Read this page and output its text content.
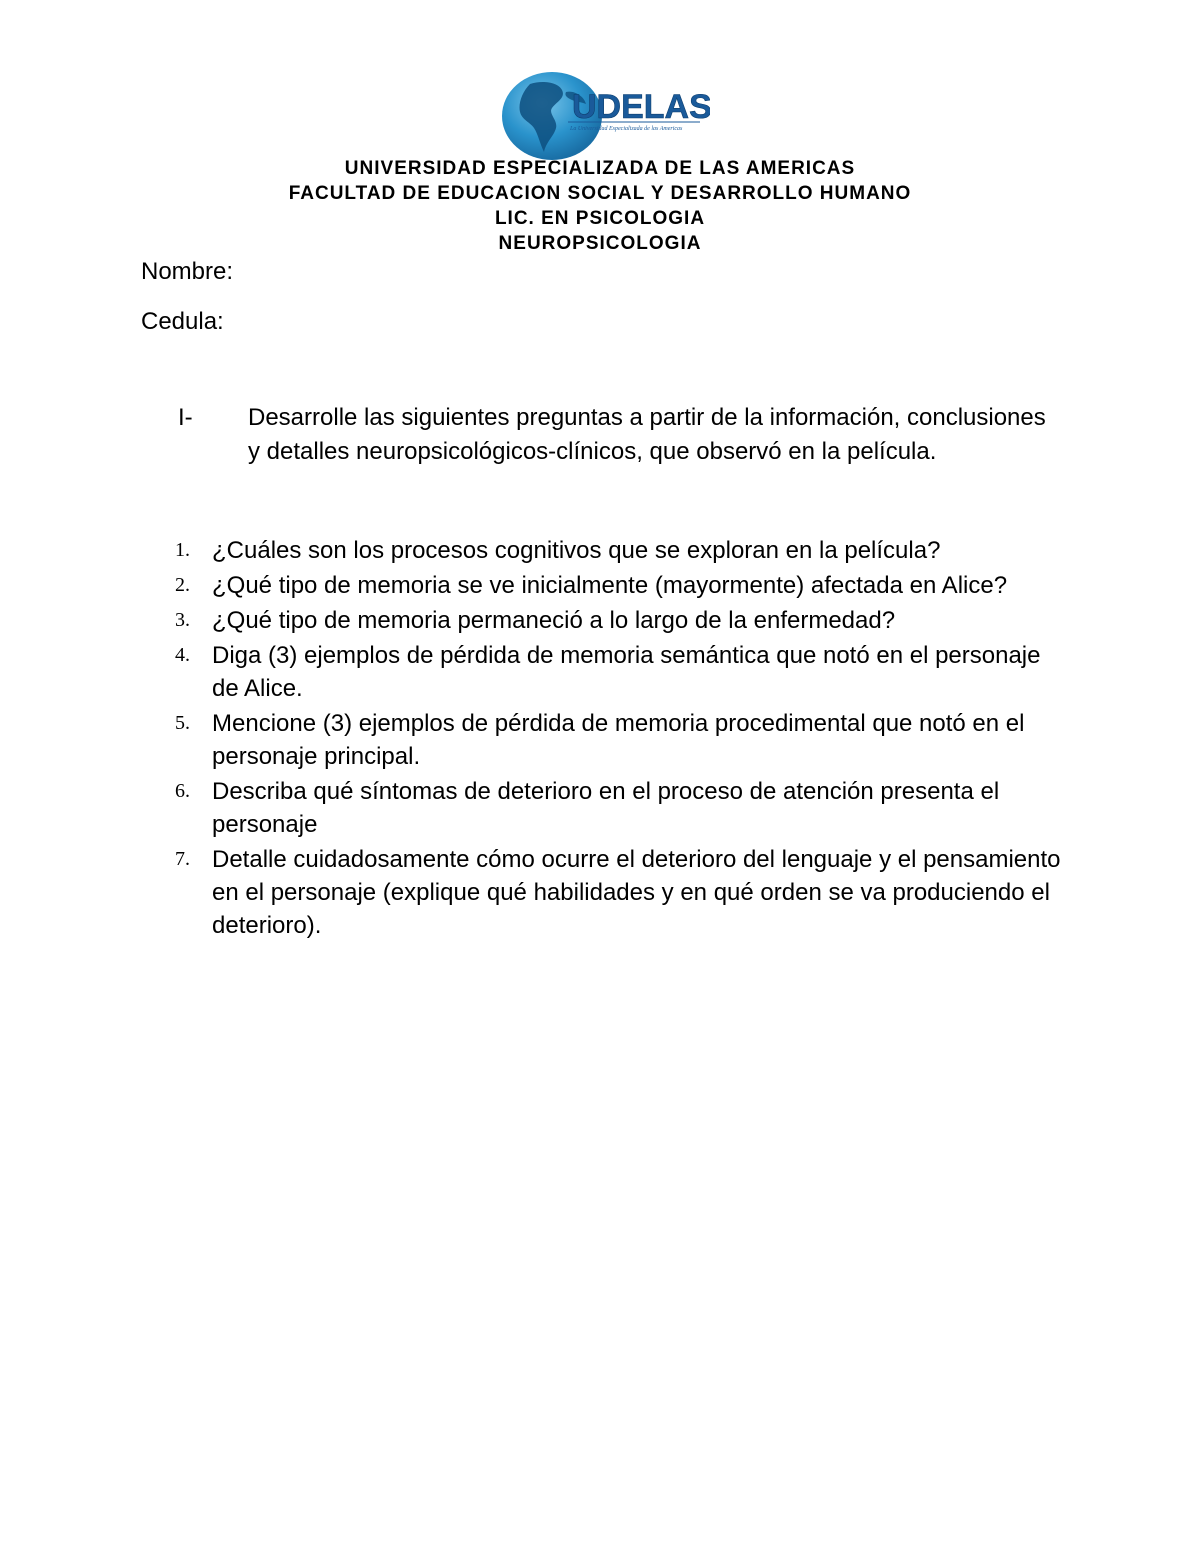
UDELAS
La Universidad Especializada de las Americas
UNIVERSIDAD ESPECIALIZADA DE LAS AMERICAS
FACULTAD DE EDUCACION SOCIAL Y DESARROLLO HUMANO
LIC. EN PSICOLOGIA
NEUROPSICOLOGIA
Nombre:
Cedula:
I- Desarrolle las siguientes preguntas a partir de la información, conclusiones y detalles neuropsicológicos-clínicos, que observó en la película.
1. ¿Cuáles son los procesos cognitivos que se exploran en la película?
2. ¿Qué tipo de memoria se ve inicialmente (mayormente) afectada en Alice?
3. ¿Qué tipo de memoria permaneció a lo largo de la enfermedad?
4. Diga (3) ejemplos de pérdida de memoria semántica que notó en el personaje de Alice.
5. Mencione (3) ejemplos de pérdida de memoria procedimental que notó en el personaje principal.
6. Describa qué síntomas de deterioro en el proceso de atención presenta el personaje
7. Detalle cuidadosamente cómo ocurre el deterioro del lenguaje y el pensamiento en el personaje (explique qué habilidades y en qué orden se va produciendo el deterioro).
